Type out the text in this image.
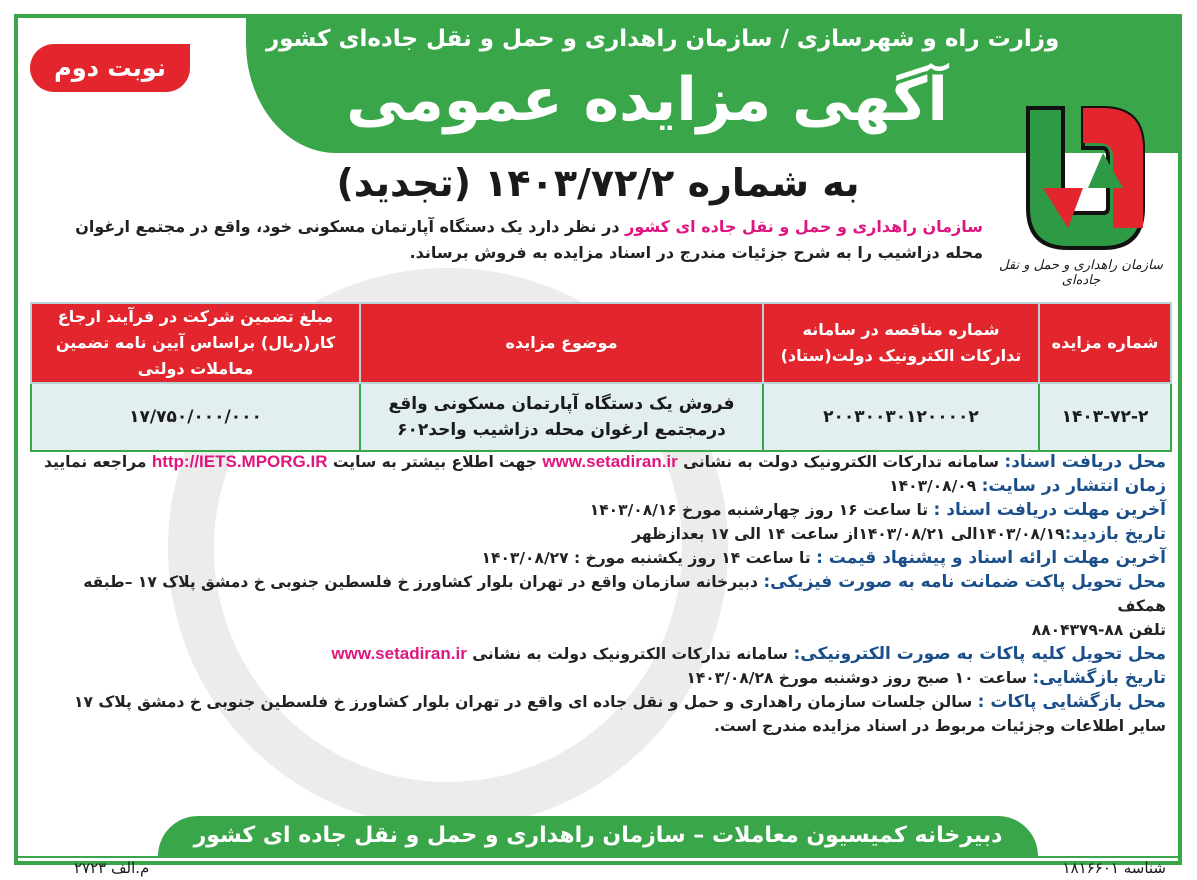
وزارت راه و شهرسازی / سازمان راهداری و حمل و نقل جاده‌ای کشور
آگهی مزایده عمومی
نوبت دوم
به شماره ۱۴۰۳/۷۲/۲ (تجدید)
سازمان راهداری و حمل و نقل جاده‌ای
سازمان راهداری و حمل و نقل جاده ای کشور در نظر دارد یک دستگاه آپارتمان مسکونی خود، واقع در مجتمع ارغوان محله دزاشیب را به شرح جزئیات مندرج در اسناد مزایده به فروش برساند.
شماره مزایده	شماره مناقصه در سامانه تدارکات الکترونیک دولت(ستاد)	موضوع مزایده	مبلغ تضمین شرکت در فرآیند ارجاع کار(ریال) براساس آیین نامه تضمین معاملات دولتی
۱۴۰۳-۷۲-۲	۲۰۰۳۰۰۳۰۱۲۰۰۰۰۲	فروش یک دستگاه آپارتمان مسکونی واقع درمجتمع ارغوان محله دزاشیب واحد۶۰۲	۱۷/۷۵۰/۰۰۰/۰۰۰
محل دریافت اسناد: سامانه تدارکات الکترونیک دولت به نشانی www.setadiran.ir جهت اطلاع بیشتر به سایت http://IETS.MPORG.IR مراجعه نمایید
زمان انتشار در سایت: ۱۴۰۳/۰۸/۰۹
آخرین مهلت دریافت اسناد : تا ساعت ۱۶ روز چهارشنبه مورخ ۱۴۰۳/۰۸/۱۶
تاریخ بازدید:۱۴۰۳/۰۸/۱۹الی ۱۴۰۳/۰۸/۲۱از ساعت ۱۴ الی ۱۷ بعدازظهر
آخرین مهلت ارائه اسناد و پیشنهاد قیمت : تا ساعت ۱۴ روز یکشنبه مورخ : ۱۴۰۳/۰۸/۲۷
محل تحویل پاکت ضمانت نامه به صورت فیزیکی: دبیرخانه سازمان واقع در تهران بلوار کشاورز خ فلسطین جنوبی خ دمشق پلاک ۱۷ –طبقه همکف
تلفن ۸۸-۸۸۰۴۳۷۹
محل تحویل کلیه پاکات به صورت الکترونیکی: سامانه تدارکات الکترونیک دولت به نشانی www.setadiran.ir
تاریخ بازگشایی: ساعت ۱۰ صبح روز دوشنبه مورخ ۱۴۰۳/۰۸/۲۸
محل بازگشایی پاکات : سالن جلسات سازمان راهداری و حمل و نقل جاده ای واقع در تهران بلوار کشاورز خ فلسطین جنوبی خ دمشق پلاک ۱۷
سایر اطلاعات وجزئیات مربوط در اسناد مزایده مندرج است.
دبیرخانه کمیسیون معاملات – سازمان راهداری و حمل و نقل جاده ای کشور
شناسه ۱۸۱۶۶۰۱
م.الف ۲۷۲۳
